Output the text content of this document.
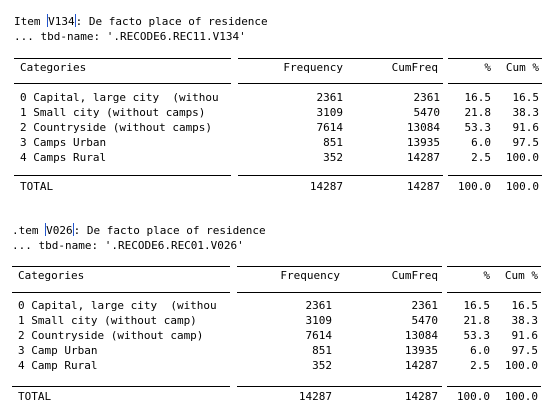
Item V134: De facto place of residence
... tbd-name: '.RECODE6.REC11.V134'
Categories	Frequency	CumFreq	%	Cum %
0 Capital, large city  (withou	2361	2361	16.5	16.5
1 Small city (without camps)	3109	5470	21.8	38.3
2 Countryside (without camps)	7614	13084	53.3	91.6
3 Camps Urban	851	13935	6.0	97.5
4 Camps Rural	352	14287	2.5	100.0
TOTAL	14287	14287	100.0	100.0
.tem V026: De facto place of residence
... tbd-name: '.RECODE6.REC01.V026'
Categories	Frequency	CumFreq	%	Cum %
0 Capital, large city  (withou	2361	2361	16.5	16.5
1 Small city (without camp)	3109	5470	21.8	38.3
2 Countryside (without camp)	7614	13084	53.3	91.6
3 Camp Urban	851	13935	6.0	97.5
4 Camp Rural	352	14287	2.5	100.0
TOTAL	14287	14287	100.0	100.0
